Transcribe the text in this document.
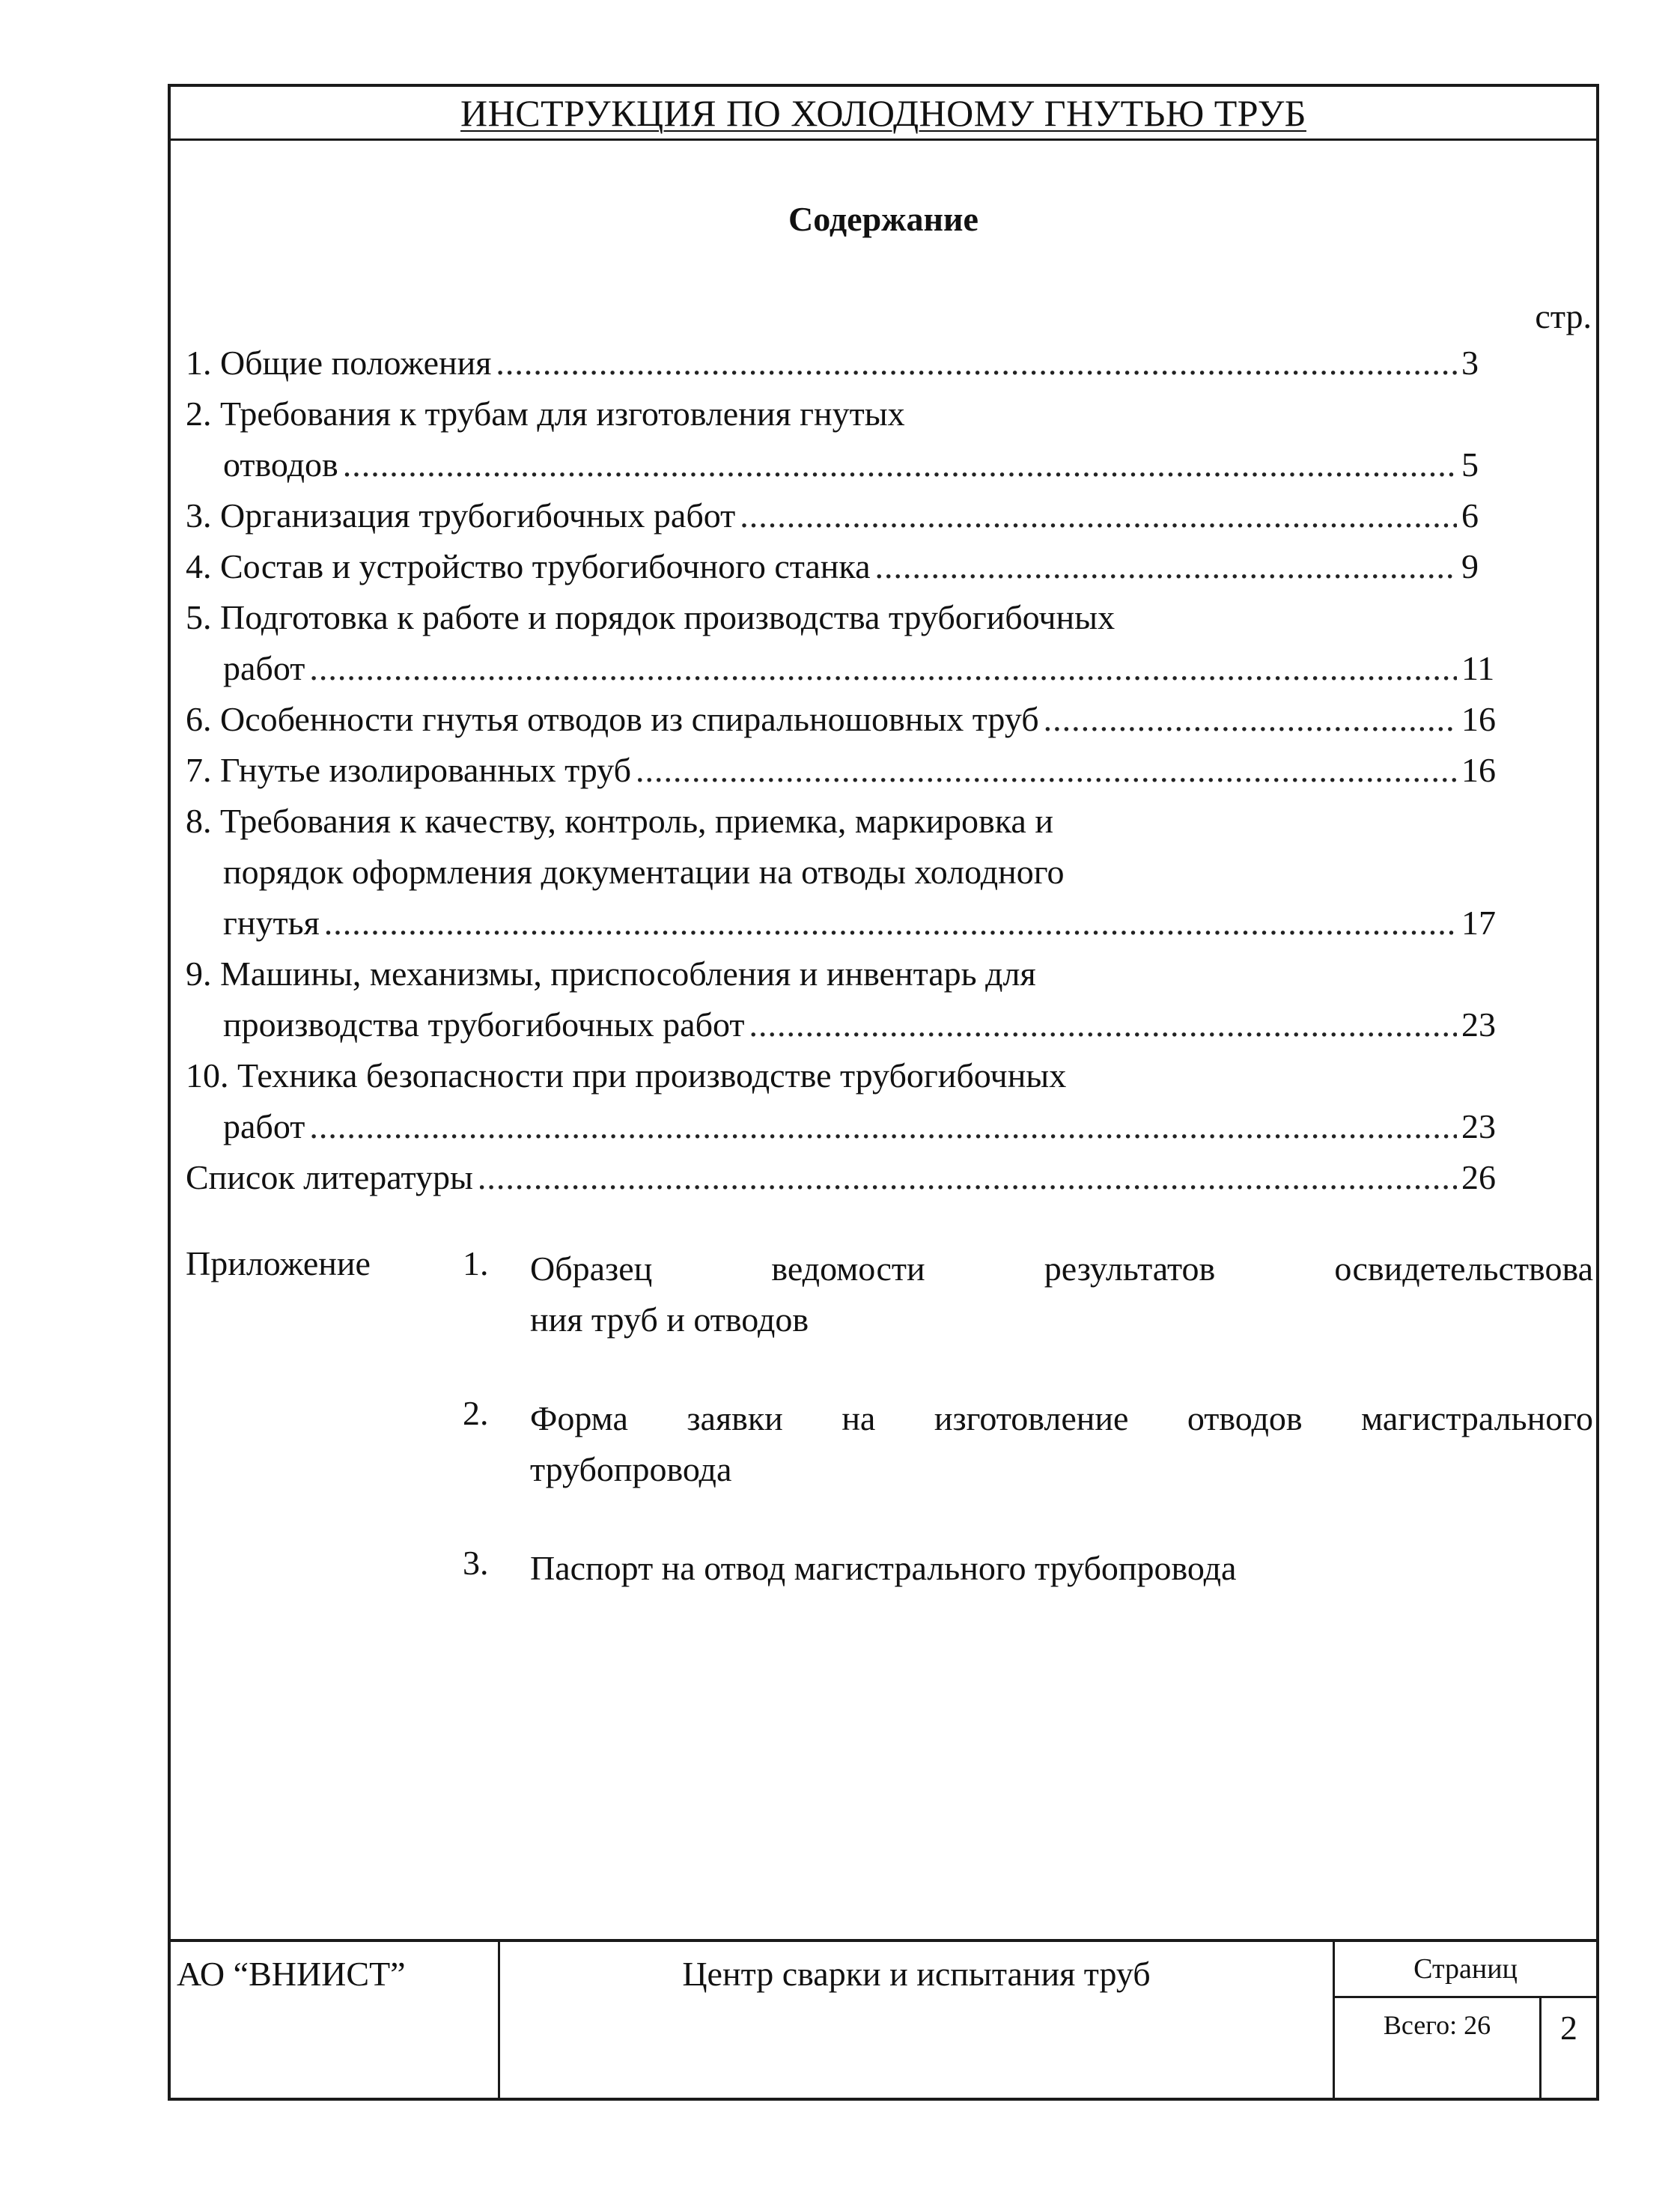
ИНСТРУКЦИЯ ПО ХОЛОДНОМУ ГНУТЬЮ ТРУБ
Содержание
стр.
1. Общие положения .....	3
2. Требования к трубам для изготовления гнутых
отводов .....	5
3. Организация трубогибочных работ .....	6
4. Состав и устройство трубогибочного станка .....	9
5. Подготовка к работе и порядок производства трубогибочных
работ .....	11
6. Особенности гнутья отводов из спиральношовных труб .....	16
7. Гнутье изолированных труб .....	16
8. Требования к качеству, контроль, приемка, маркировка и
порядок оформления документации на отводы холодного
гнутья .....	17
9. Машины, механизмы, приспособления и инвентарь для
производства трубогибочных работ .....	23
10. Техника безопасности при производстве трубогибочных
работ .....	23
Список литературы .....	26
Приложение	1. Образец ведомости результатов освидетельствова
ния труб и отводов
2. Форма заявки на изготовление отводов магистрального
трубопровода
3. Паспорт на отвод магистрального трубопровода
АО “ВНИИСТ”	Центр сварки и испытания труб	Страниц
Всего: 26	2
